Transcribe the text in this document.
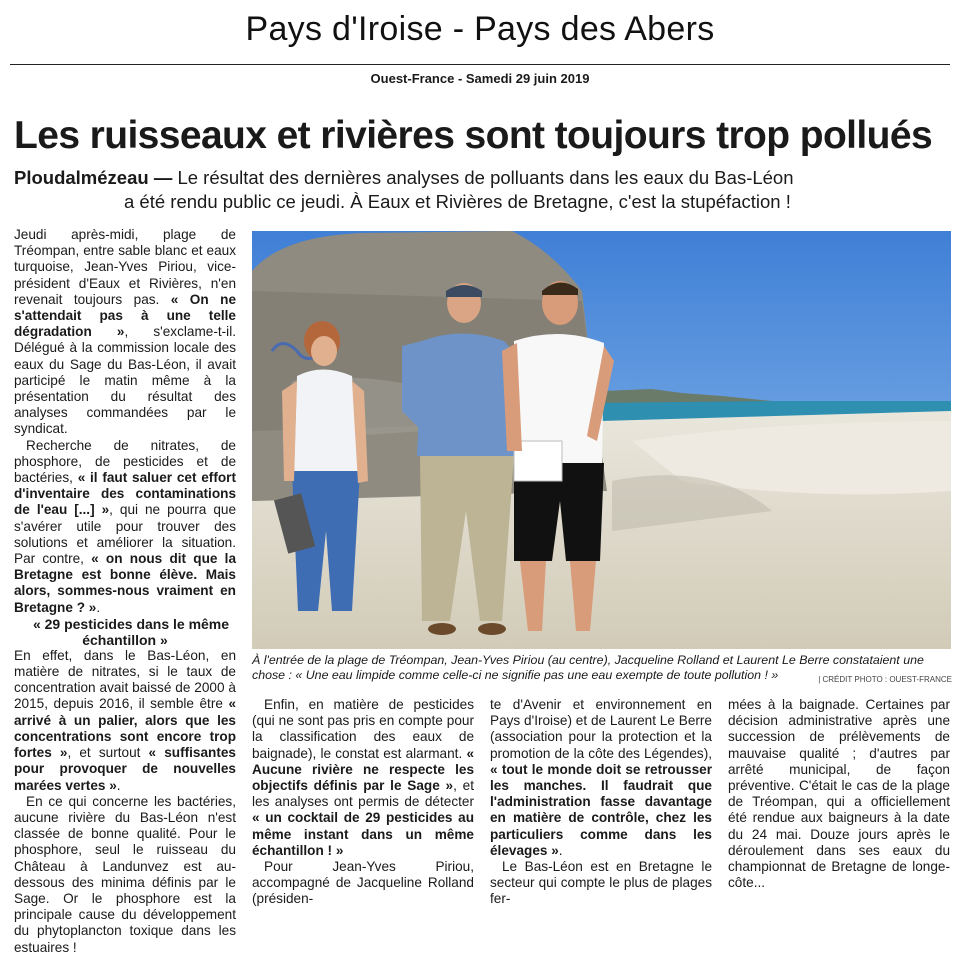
Pays d'Iroise - Pays des Abers
Ouest-France - Samedi 29 juin 2019
Les ruisseaux et rivières sont toujours trop pollués
Ploudalmézeau — Le résultat des dernières analyses de polluants dans les eaux du Bas-Léon
a été rendu public ce jeudi. À Eaux et Rivières de Bretagne, c'est la stupéfaction !

Jeudi après-midi, plage de Tréompan, entre sable blanc et eaux turquoise, Jean-Yves Piriou, vice-président d'Eaux et Rivières, n'en revenait toujours pas. « On ne s'attendait pas à une telle dégradation », s'exclame-t-il. Délégué à la commission locale des eaux du Sage du Bas-Léon, il avait participé le matin même à la présentation du résultat des analyses commandées par le syndicat.

Recherche de nitrates, de phosphore, de pesticides et de bactéries, « il faut saluer cet effort d'inventaire des contaminations de l'eau [...] », qui ne pourra que s'avérer utile pour trouver des solutions et améliorer la situation. Par contre, « on nous dit que la Bretagne est bonne élève. Mais alors, sommes-nous vraiment en Bretagne ? ».

« 29 pesticides dans le même échantillon »

En effet, dans le Bas-Léon, en matière de nitrates, si le taux de concentration avait baissé de 2000 à 2015, depuis 2016, il semble être « arrivé à un palier, alors que les concentrations sont encore trop fortes », et surtout « suffisantes pour provoquer de nouvelles marées vertes ».

En ce qui concerne les bactéries, aucune rivière du Bas-Léon n'est classée de bonne qualité. Pour le phosphore, seul le ruisseau du Château à Landunvez est au-dessous des minima définis par le Sage. Or le phosphore est la principale cause du développement du phytoplancton toxique dans les estuaires !

À l'entrée de la plage de Tréompan, Jean-Yves Piriou (au centre), Jacqueline Rolland et Laurent Le Berre constataient une chose : « Une eau limpide comme celle-ci ne signifie pas une eau exempte de toute pollution ! »	| CRÉDIT PHOTO : OUEST-FRANCE

Enfin, en matière de pesticides (qui ne sont pas pris en compte pour la classification des eaux de baignade), le constat est alarmant. « Aucune rivière ne respecte les objectifs définis par le Sage », et les analyses ont permis de détecter « un cocktail de 29 pesticides au même instant dans un même échantillon ! »

Pour Jean-Yves Piriou, accompagné de Jacqueline Rolland (présiden-

te d'Avenir et environnement en Pays d'Iroise) et de Laurent Le Berre (association pour la protection et la promotion de la côte des Légendes), « tout le monde doit se retrousser les manches. Il faudrait que l'administration fasse davantage en matière de contrôle, chez les particuliers comme dans les élevages ».

Le Bas-Léon est en Bretagne le secteur qui compte le plus de plages fer-

mées à la baignade. Certaines par décision administrative après une succession de prélèvements de mauvaise qualité ; d'autres par arrêté municipal, de façon préventive. C'était le cas de la plage de Tréompan, qui a officiellement été rendue aux baigneurs à la date du 24 mai. Douze jours après le déroulement dans ses eaux du championnat de Bretagne de longe-côte...
